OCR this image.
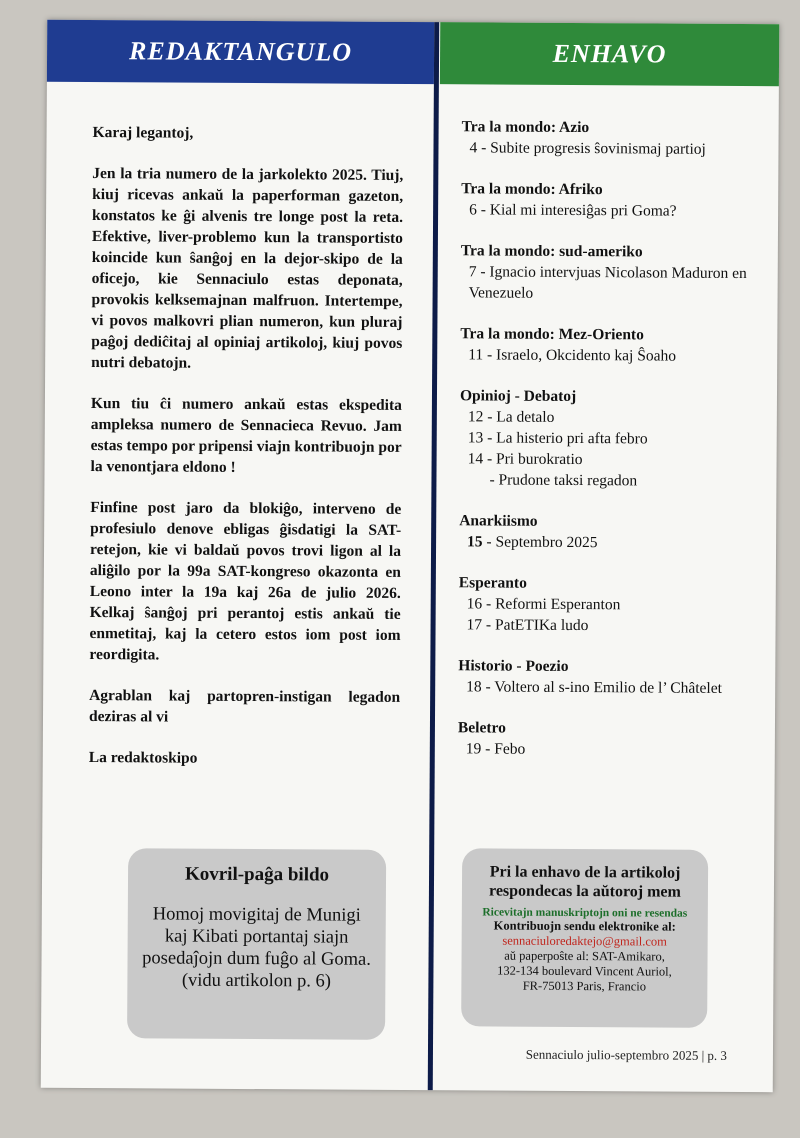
REDAKTANGULO

Karaj legantoj,

Jen la tria numero de la jarkolekto 2025. Tiuj, kiuj ricevas ankaŭ la paperforman gazeton, konstatos ke ĝi alvenis tre longe post la reta. Efektive, liver-problemo kun la transportisto koincide kun ŝanĝoj en la dejor-skipo de la oficejo, kie Sennaciulo estas deponata, provokis kelksemajnan malfruon. Intertempe, vi povos malkovri plian numeron, kun pluraj paĝoj dediĉitaj al opiniaj artikoloj, kiuj povos nutri debatojn.

Kun tiu ĉi numero ankaŭ estas ekspedita ampleksa numero de Sennacieca Revuo. Jam estas tempo por pripensi viajn kontribuojn por la venontjara eldono !

Finfine post jaro da blokiĝo, interveno de profesiulo denove ebligas ĝisdatigi la SAT-retejon, kie vi baldaŭ povos trovi ligon al la aliĝilo por la 99a SAT-kongreso okazonta en Leono inter la 19a kaj 26a de julio 2026. Kelkaj ŝanĝoj pri perantoj estis ankaŭ tie enmetitaj, kaj la cetero estos iom post iom reordigita.

Agrablan kaj partopren-instigan legadon deziras al vi

La redaktoskipo

Kovril-paĝa bildo
Homoj movigitaj de Munigi kaj Kibati portantaj siajn posedaĵojn dum fuĝo al Goma. (vidu artikolon p. 6)
ENHAVO
Tra la mondo: Azio
4 - Subite progresis ŝovinismaj partioj
Tra la mondo: Afriko
6 - Kial mi interesiĝas pri Goma?
Tra la mondo: sud-ameriko
7 - Ignacio intervjuas Nicolason Maduron en Venezuelo
Tra la mondo: Mez-Oriento
11 - Israelo, Okcidento kaj Ŝoaho
Opinioj - Debatoj
12 - La detalo
13 - La histerio pri afta febro
14 - Pri burokratio
- Prudone taksi regadon
Anarkiismo
15 - Septembro 2025
Esperanto
16 - Reformi Esperanton
17 - PatETIKa ludo
Historio - Poezio
18 - Voltero al s-ino Emilio de l’ Châtelet
Beletro
19 - Febo
Pri la enhavo de la artikoloj respondecas la aŭtoroj mem
Ricevitajn manuskriptojn oni ne resendas
Kontribuojn sendu elektronike al:
sennaciuloredaktejo@gmail.com
aŭ paperpoŝte al: SAT-Amikaro,
132-134 boulevard Vincent Auriol,
FR-75013 Paris, Francio
Sennaciulo julio-septembro 2025 | p. 3
